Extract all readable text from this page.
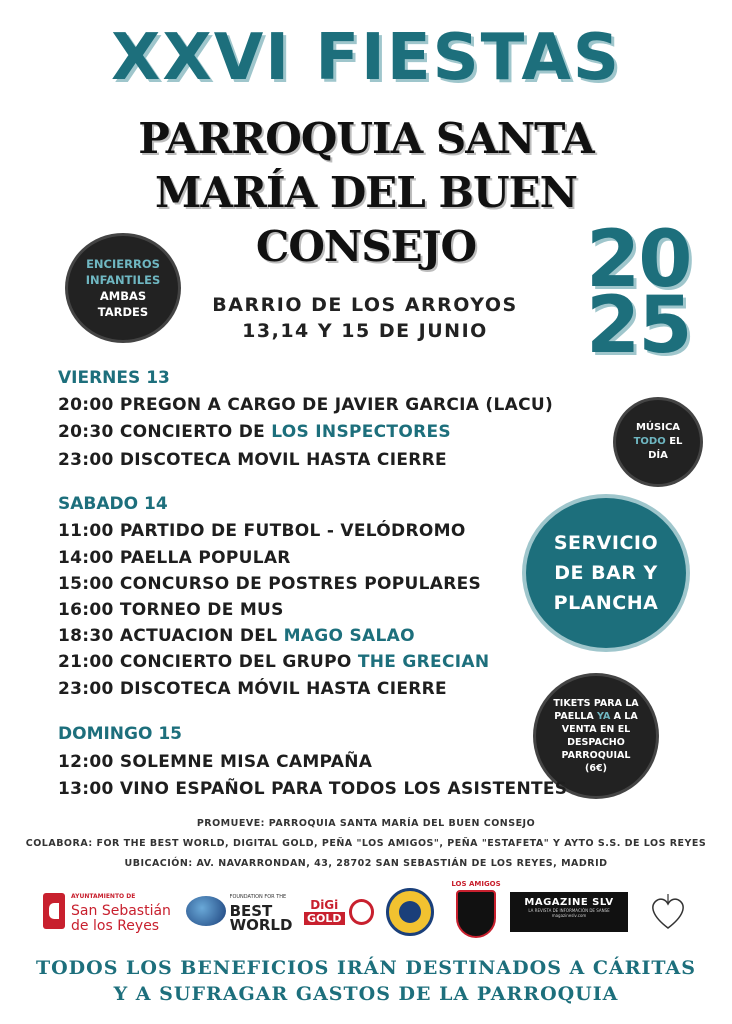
XXVI FIESTAS
PARROQUIA SANTA
MARÍA DEL BUEN
CONSEJO	20
25
ENCIERROS
INFANTILES
AMBAS
TARDES	BARRIO DE LOS ARROYOS
13,14 Y 15 DE JUNIO
VIERNES 13
20:00 PREGON A CARGO DE JAVIER GARCIA (LACU)
20:30 CONCIERTO DE LOS INSPECTORES
23:00 DISCOTECA MOVIL HASTA CIERRE
MÚSICA
TODO EL
DÍA
SABADO 14
11:00 PARTIDO DE FUTBOL - VELÓDROMO
14:00 PAELLA POPULAR
15:00 CONCURSO DE POSTRES POPULARES
16:00 TORNEO DE MUS
18:30 ACTUACION DEL MAGO SALAO
21:00 CONCIERTO DEL GRUPO THE GRECIAN
23:00 DISCOTECA MÓVIL HASTA CIERRE
SERVICIO
DE BAR Y
PLANCHA
TIKETS PARA LA
PAELLA YA A LA
VENTA EN EL
DESPACHO
PARROQUIAL
(6€)
DOMINGO 15
12:00 SOLEMNE MISA CAMPAÑA
13:00 VINO ESPAÑOL PARA TODOS LOS ASISTENTES
PROMUEVE: PARROQUIA SANTA MARÍA DEL BUEN CONSEJO
COLABORA: FOR THE BEST WORLD, DIGITAL GOLD, PEÑA "LOS AMIGOS", PEÑA "ESTAFETA" Y AYTO S.S. DE LOS REYES
UBICACIÓN: AV. NAVARRONDAN, 43, 28702 SAN SEBASTIÁN DE LOS REYES, MADRID
AYUNTAMIENTO DE
San Sebastián
de los Reyes
FOUNDATION FOR THE
BEST
WORLD
DiGi
GOLD
LOS AMIGOS
MAGAZINE SLV
LA REVISTA DE INFORMACIÓN DE SANSE
magazineslv.com
TODOS LOS BENEFICIOS IRÁN DESTINADOS A CÁRITAS
Y A SUFRAGAR GASTOS DE LA PARROQUIA
